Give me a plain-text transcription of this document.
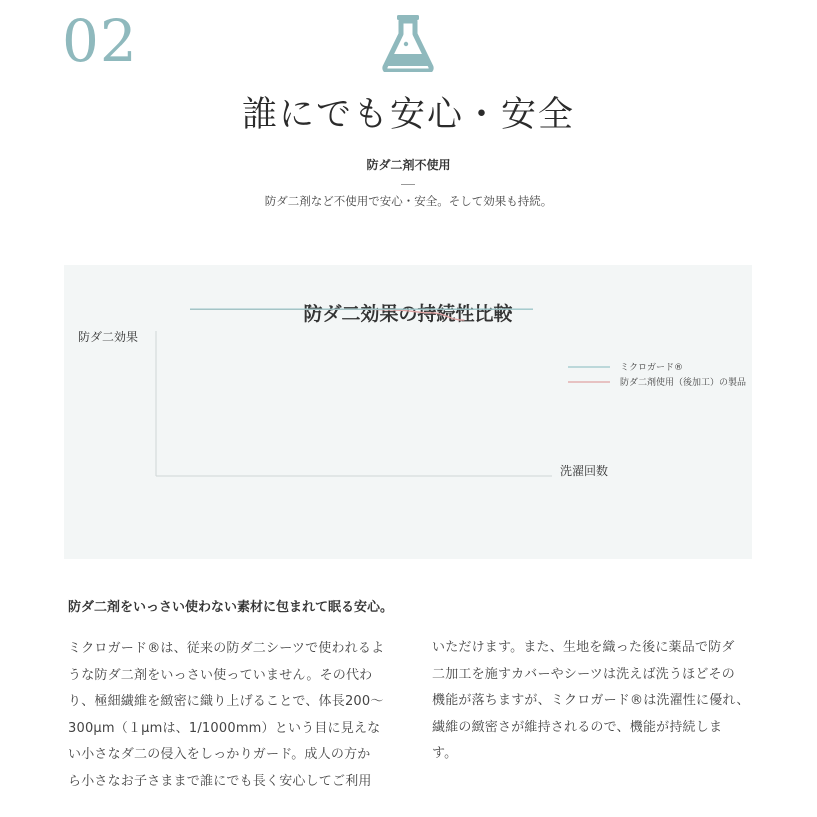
02
誰にでも安心・安全
防ダ二剤不使用
防ダ二剤など不使用で安心・安全。そして効果も持続。
防ダ二効果の持続性比較
防ダ二効果
洗濯回数
ミクロガード®
防ダ二剤使用（後加工）の製品
防ダ二剤をいっさい使わない素材に包まれて眠る安心。
ミクロガード®は、従来の防ダ二シーツで使われるよ
うな防ダ二剤をいっさい使っていません。その代わ
り、極細繊維を緻密に織り上げることで、体長200〜
300μm（１μmは、1/1000mm）という目に見えな
い小さなダ二の侵入をしっかりガード。成人の方か
ら小さなお子さままで誰にでも長く安心してご利用
いただけます。また、生地を織った後に薬品で防ダ
二加工を施すカバーやシーツは洗えば洗うほどその
機能が落ちますが、ミクロガード®は洗濯性に優れ、
繊維の緻密さが維持されるので、機能が持続しま
す。
